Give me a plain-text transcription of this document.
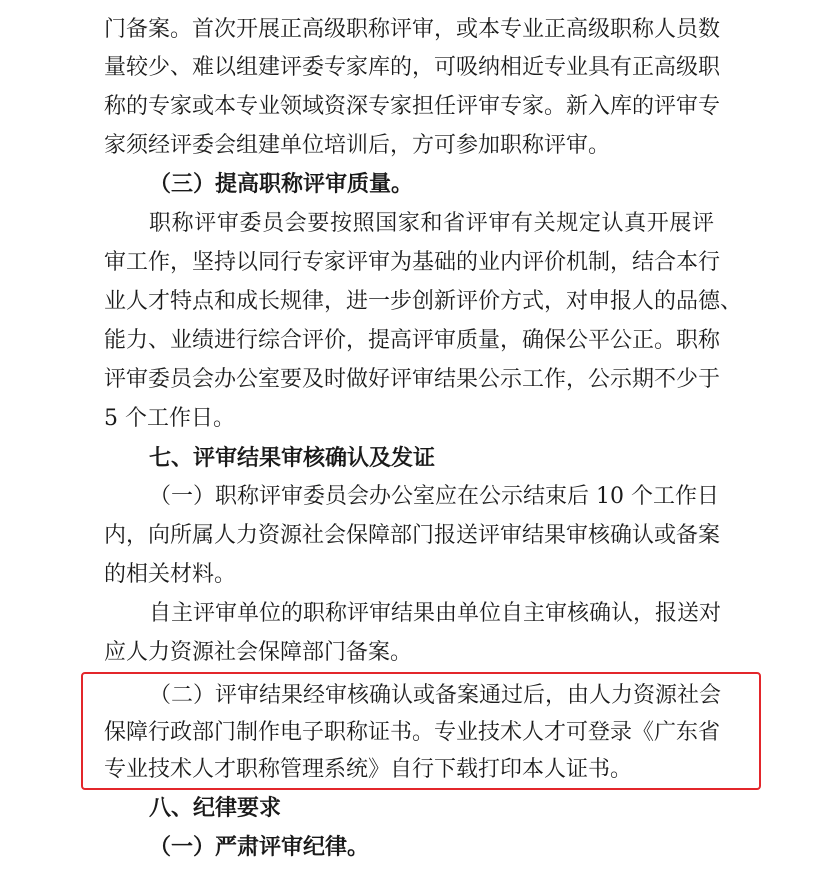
门备案。首次开展正高级职称评审，或本专业正高级职称人员数
量较少、难以组建评委专家库的，可吸纳相近专业具有正高级职
称的专家或本专业领域资深专家担任评审专家。新入库的评审专
家须经评委会组建单位培训后，方可参加职称评审。
（三）提高职称评审质量。
职称评审委员会要按照国家和省评审有关规定认真开展评
审工作，坚持以同行专家评审为基础的业内评价机制，结合本行
业人才特点和成长规律，进一步创新评价方式，对申报人的品德、
能力、业绩进行综合评价，提高评审质量，确保公平公正。职称
评审委员会办公室要及时做好评审结果公示工作，公示期不少于
5 个工作日。
七、评审结果审核确认及发证
（一）职称评审委员会办公室应在公示结束后 10 个工作日
内，向所属人力资源社会保障部门报送评审结果审核确认或备案
的相关材料。
自主评审单位的职称评审结果由单位自主审核确认，报送对
应人力资源社会保障部门备案。
（二）评审结果经审核确认或备案通过后，由人力资源社会
保障行政部门制作电子职称证书。专业技术人才可登录《广东省
专业技术人才职称管理系统》自行下载打印本人证书。
八、纪律要求
（一）严肃评审纪律。
